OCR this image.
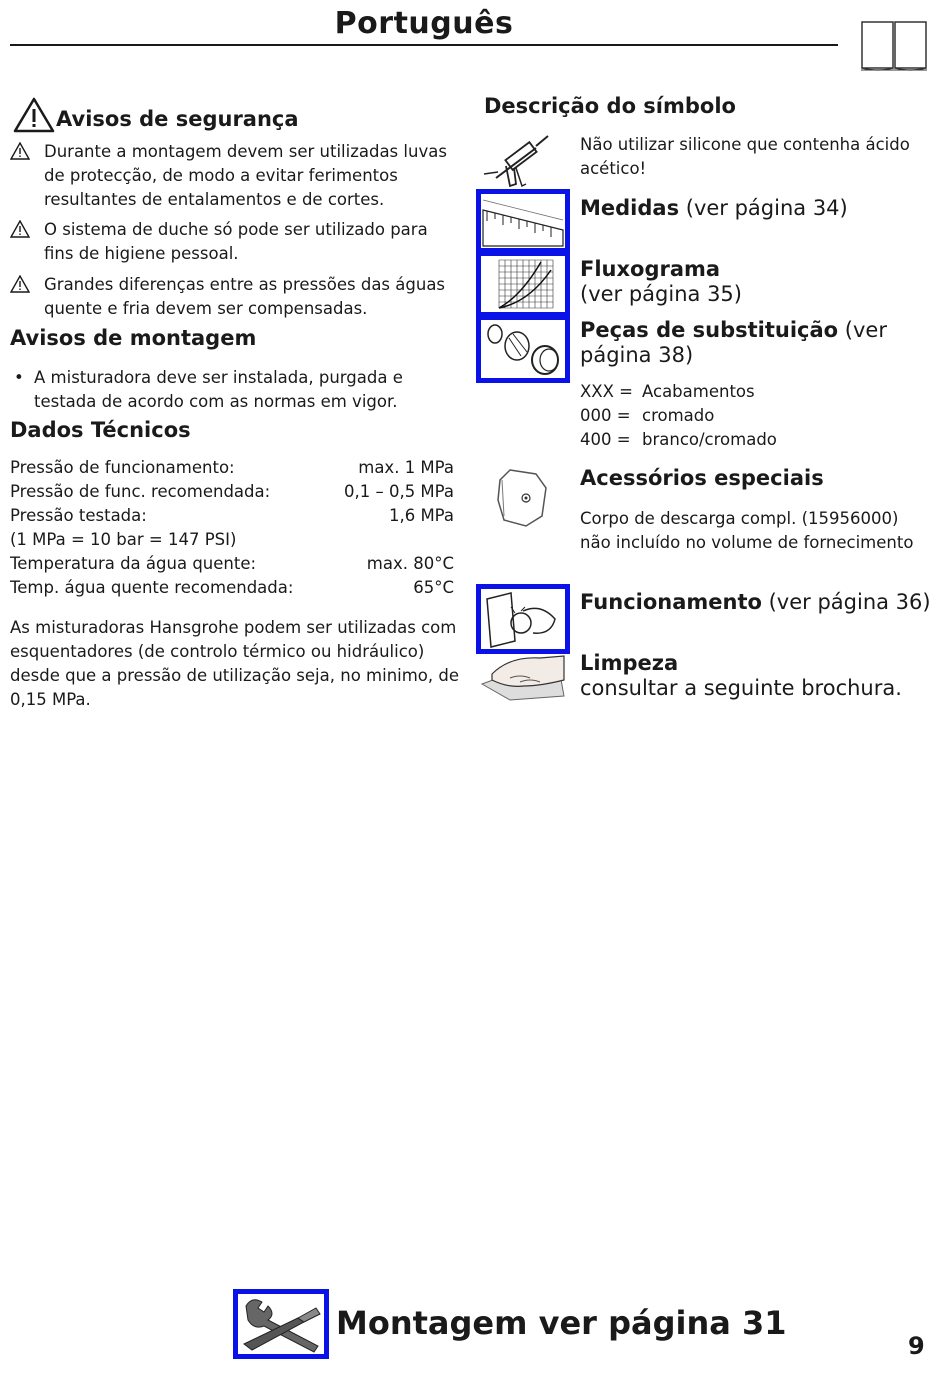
Português
Avisos de segurança
Durante a montagem devem ser utilizadas luvas de protecção, de modo a evitar ferimentos resultantes de entalamentos e de cortes.
O sistema de duche só pode ser utilizado para fins de higiene pessoal.
Grandes diferenças entre as pressões das águas quente e fria devem ser compensadas.
Avisos de montagem
• A misturadora deve ser instalada, purgada e testada de acordo com as normas em vigor.
Dados Técnicos
Pressão de funcionamento:	max. 1 MPa
Pressão de func. recomendada:	0,1 – 0,5 MPa
Pressão testada:	1,6 MPa
(1 MPa = 10 bar = 147 PSI)
Temperatura da água quente:	max. 80°C
Temp. água quente recomendada:	65°C
As misturadoras Hansgrohe podem ser utilizadas com esquentadores (de controlo térmico ou hidráulico) desde que a pressão de utilização seja, no minimo, de 0,15 MPa.
Descrição do símbolo
Não utilizar silicone que contenha ácido acético!
Medidas (ver página 34)
Fluxograma
(ver página 35)
Peças de substituição (ver página 38)
XXX = Acabamentos
000 = cromado
400 = branco/cromado
Acessórios especiais
Corpo de descarga compl. (15956000) não incluído no volume de fornecimento
Funcionamento (ver página 36)
Limpeza
consultar a seguinte brochura.
Montagem ver página 31
9
